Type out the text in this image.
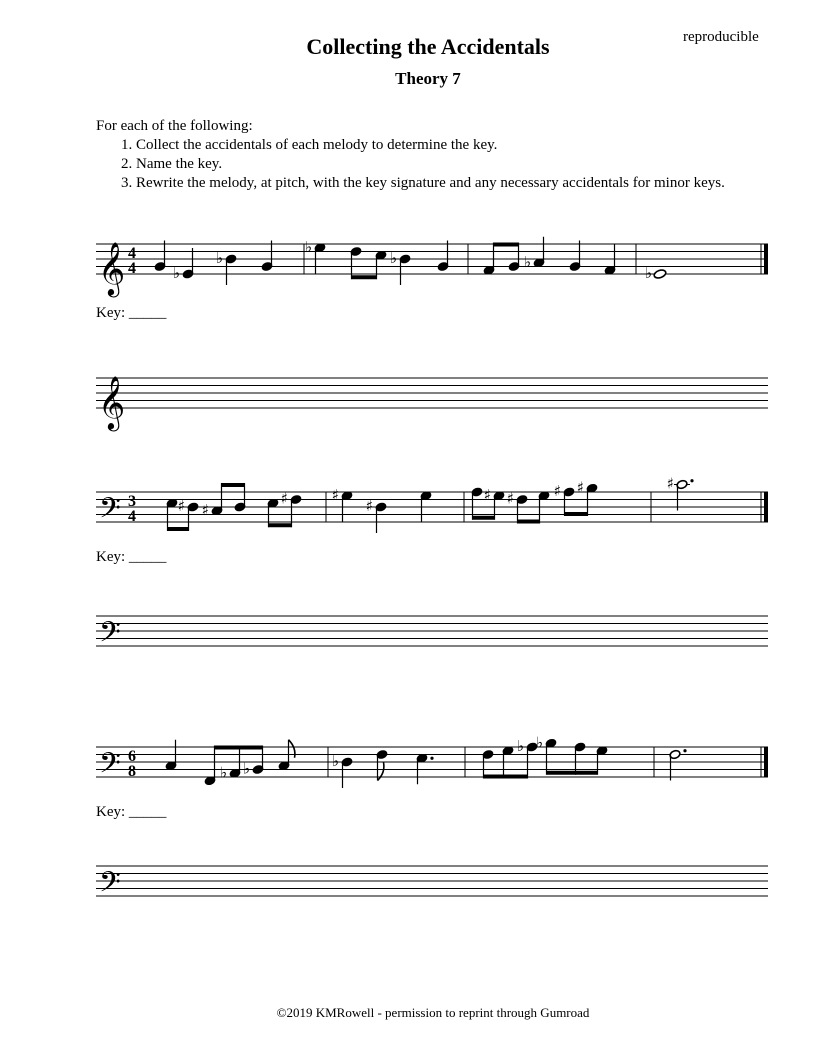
reproducible
Collecting the Accidentals
Theory 7
For each of the following:
1. Collect the accidentals of each melody to determine the key.
2. Name the key.
3. Rewrite the melody, at pitch, with the key signature and any necessary accidentals for minor keys.
Key: _____
Key: _____
Key: _____
𝄞 4
4 ♭
♭
♭
♭	♭
♭
𝄢 3
4
♯ ♯
♯	♯
♯
♯ ♯	♯ ♯	♯
𝄢 6
8	♭ ♭	♭
♭ ♭
𝄞
𝄢
𝄢
©2019 KMRowell - permission to reprint through Gumroad
